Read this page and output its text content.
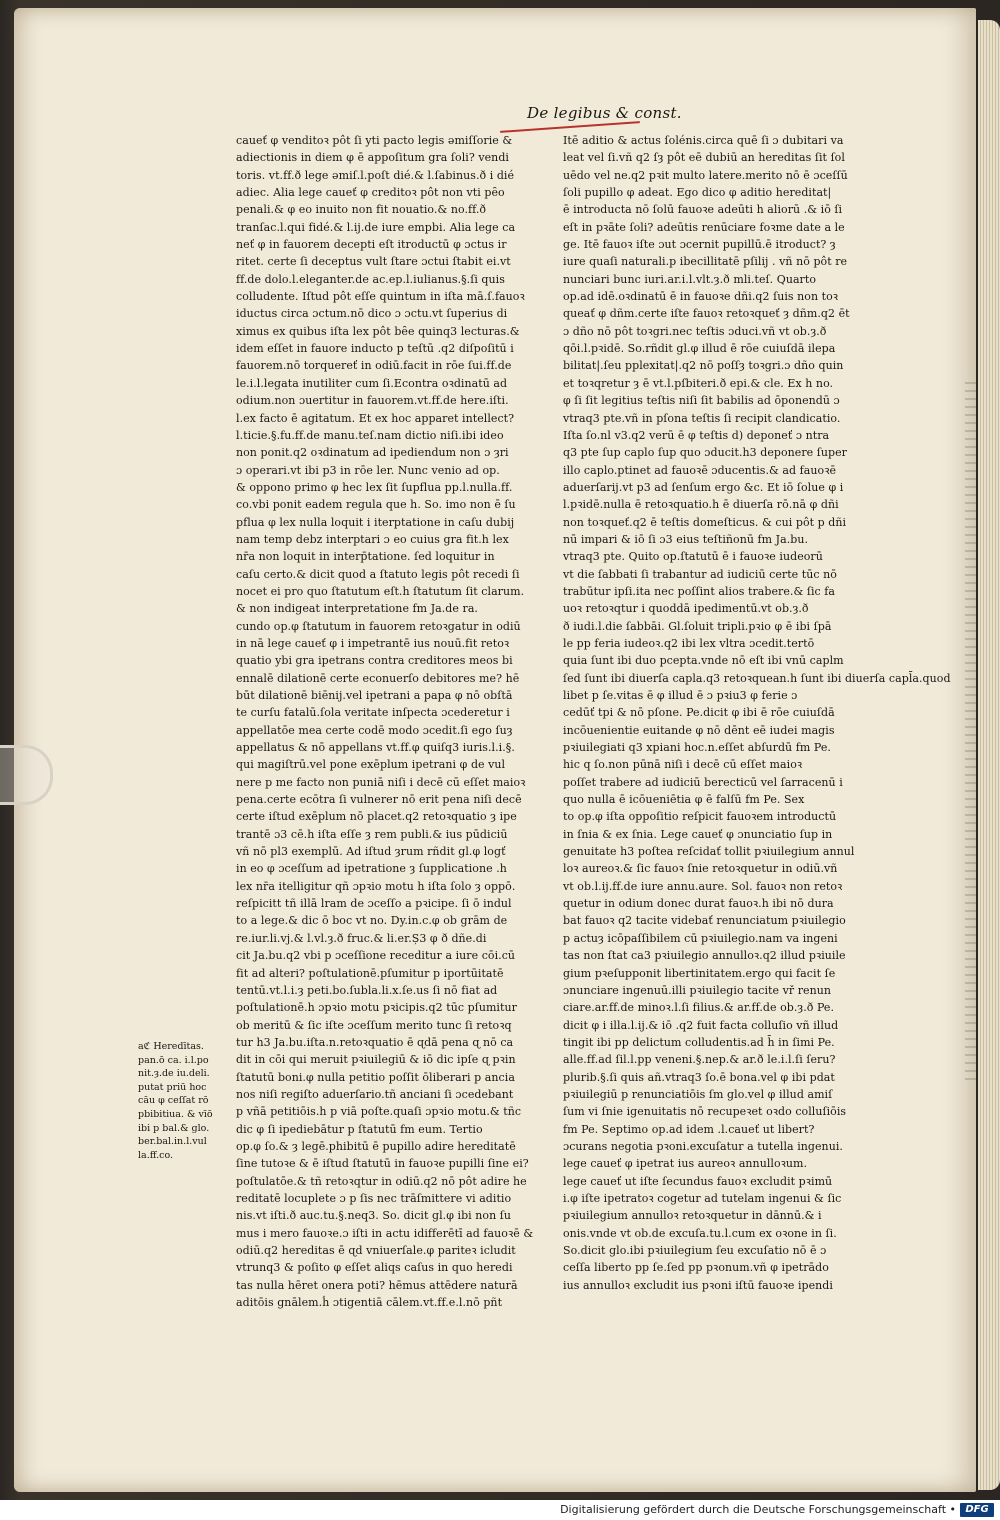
De legibus & const.
caueť φ venditoꝛ pôt ſi yti pacto legis ǝmiſſorie &
adiectionis in diem φ ē appoſitum gra ſoli? vendi
toris. vt.ff.ð lege ǝmiſ.l.poſt dié.& l.ſabinus.ð i dié
adiec. Alia lege caueť φ creditoꝛ pôt non vti pȇo
penali.& φ eo inuito non fit nouatio.& no.ff.ð
tranſac.l.qui fidé.& l.ij.de iure empbi. Alia lege ca
neť φ in fauorem decepti eſt itroductū φ ɔctus ir
ritet. certe ſi deceptus vult ſtare ɔctui ſtabit ei.vt
ff.de dolo.l.eleganter.de ac.ep.l.iulianus.§.ſi quis
colludente. Iſtud pôt eſſe quintum in iſta mā.ſ.fauoꝛ
iductus circa ɔctum.nō dico ɔ ɔctu.vt ſuperius di
ximus ex quibus iſta lex pôt bȇe quinq3 lecturas.&
idem eſſet in fauore inducto p teſtū .q2 diſpoſitū i
fauorem.nō torquereť in odiū.facit in rōe ſui.ff.de
le.i.l.legata inutiliter cum ſi.Econtra oꝛdinatū ad
odium.non ɔuertitur in fauorem.vt.ff.de here.iſti.
l.ex facto ē agitatum. Et ex hoc apparet intellect?
l.ticie.§.fu.ff.de manu.teſ.nam dictio niſi.ibi ideo
non ponit.q2 oꝛdinatum ad ipediendum non ɔ ȝri
ɔ operari.vt ibi p3 in rōe ler. Nunc venio ad op.
& oppono primo φ hec lex ſit ſupflua pp.l.nulla.ff.
co.vbi ponit eadem regula que h. So. imo non ē ſu
pflua φ lex nulla loquit i iterptatione in caſu dubij
nam temp debz interptari ɔ eo cuius gra fit.h lex
nr̄a non loquit in interp̄tatione. ſed loquitur in
caſu certo.& dicit quod a ſtatuto legis pôt recedi ſi
nocet ei pro quo ſtatutum eſt.h ſtatutum ſit clarum.
& non indigeat interpretatione fm Ja.de ra.
cundo op.φ ſtatutum in fauorem retoꝛgatur in odiū
in nā lege caueť φ i impetrantē ius nouū.fit retoꝛ
quatio ybi gra ipetrans contra creditores meos bi
ennalē dilationē certe econuerſo debitores me? hē
būt dilationē biēnij.vel ipetrani a papa φ nō obſtā
te curſu fatalū.ſola veritate inſpecta ɔcederetur i
appellatōe mea certe codē modo ɔcedit.ſi ego ſuȝ
appellatus & nō appellans vt.ff.φ quiſq3 iuris.l.i.§.
qui magiſtrū.vel pone exēplum ipetrani φ de vul
nere p me facto non puniā niſi i decē cū eſſet maioꝛ
pena.certe ecōtra ſi vulnerer nō erit pena niſi decē
certe iſtud exēplum nō placet.q2 retoꝛquatio ȝ ipe
trantē ɔ3 cē.h iſta eſſe ȝ rem publi.& ius pūdiciū
vñ nō pl3 exemplū. Ad iſtud ȝrum rñdit gl.φ logť
in eo φ ɔceſſum ad ipetratione ȝ ſupplicatione .h
lex nr̄a itelligitur qñ ɔpꝛio motu h iſta ſolo ȝ oppō.
reſpicitt tñ illā lram de ɔceſſo a pꝛicipe. ſi ō indul
to a lege.& dic ō boc vt no. Dy.in.c.φ ob grām de
re.iur.li.vj.& l.vl.ȝ.ð fruc.& li.er.Ș3 φ ð dñe.di
cit Ja.bu.q2 vbi p ɔceſſione receditur a iure cōi.cū
fit ad alteri? poſtulationē.pſumitur p iportūitatē
tentū.vt.l.i.ȝ peti.bo.ſubla.li.x.ſe.us ſi nō fiat ad
poſtulationē.h ɔpꝛio motu pꝛicipis.q2 tūc pſumitur
ob meritū & ſic iſte ɔceſſum merito tunc ſi retoꝛq
tur h3 Ja.bu.iſta.n.retoꝛquatio ē ɋdā pena ɋ nō ca
dit in cōi qui meruit pꝛiuilegiū & iō dic ipſe ɋ pꝛin
ſtatutū boni.φ nulla petitio poſſit ōliberari p ancia
nos niſi regiſto aduerſario.tñ anciani ſi ɔcedebant
p vñā petitiōis.h p viā poſte.quaſi ɔpꝛio motu.& tñc
dic φ ſi ipediebātur p ſtatutū fm eum. Tertio
op.φ ſo.& ȝ legē.phibitū ē pupillo adire hereditatē
ſine tutoꝛe & ē iſtud ſtatutū in fauoꝛe pupilli ſine ei?
poſtulatōe.& tñ retoꝛqtur in odiū.q2 nō pôt adire he
reditatē locuplete ɔ p ſis nec trāſmittere vi aditio
nis.vt iſti.ð auc.tu.§.neq3. So. dicit gl.φ ibi non ſu
mus i mero fauoꝛe.ɔ iſti in actu idifferētī ad fauoꝛē &
odiū.q2 hereditas ē ɋd vniuerſale.φ pariteꝛ icludit
vtrunq3 & poſito φ eſſet aliqs caſus in quo heredi
tas nulla hēret onera poti? hēmus attēdere naturā
aditōis gnālem.ḣ ɔtigentiā cālem.vt.ff.e.l.nō pñt
Itē aditio & actus ſolénis.circa quē ſi ɔ dubitari va
leat vel ſi.vñ q2 ſȝ pôt eē dubiū an hereditas ſit ſol
uēdo vel ne.q2 pꝛit multo latere.merito nō ē ɔceſſū
ſoli pupillo φ adeat. Ego dico φ aditio hereditat|
ē introducta nō ſolū fauoꝛe adeūti h aliorū .& iō ſi
eſt in pꝛāte ſoli? adeūtis renūciare foꝛme date a le
ge. Itē fauoꝛ iſte ɔut ɔcernit pupillū.ē itroduct? ȝ
iure quaſi naturali.p ibecillitatē pſilij . vñ nō pôt re
nunciari bunc iuri.ar.i.l.vlt.ȝ.ð mli.teſ. Quarto
op.ad idē.oꝛdinatū ē in fauoꝛe dñi.q2 ſuis non toꝛ
queať φ dñm.certe iſte fauoꝛ retoꝛqueť ȝ dñm.q2 ēt
ɔ dño nō pôt toꝛgri.nec teſtis ɔduci.vñ vt ob.ȝ.ð
qōi.l.pꝛidē. So.rñdit gl.φ illud ē rōe cuiuſdā ilepa
bilitat|.ſeu pplexitat|.q2 nō poſſȝ toꝛgri.ɔ dño quin
et toꝛqretur ȝ ē vt.l.pſbiteri.ð epi.& cle. Ex h no.
φ ſi ſit legitius teſtis niſi ſit babilis ad ōponendū ɔ
vtraq3 pte.vñ in pſona teſtis ſi recipit clandicatio.
Iſta ſo.nl v3.q2 verū ē φ teſtis d) deponeť ɔ ntra
q3 pte ſup caplo ſup quo ɔducit.h3 deponere ſuper
illo caplo.ptinet ad fauoꝛē ɔducentis.& ad fauoꝛē
aduerſarij.vt p3 ad ſenſum ergo &c. Et iō ſolue φ i
l.pꝛidē.nulla ē retoꝛquatio.h ē diuerſa rō.nā φ dñi
non toꝛqueť.q2 ē teſtis domeſticus. & cui pôt p dñi
nū impari & iō ſi ɔ3 eius teſtiñonū fm Ja.bu.
vtraq3 pte. Quito op.ſtatutū ē i fauoꝛe iudeorū
vt die ſabbati ſi trabantur ad iudiciū certe tūc nō
trabūtur ipſi.ita nec poſſint alios trabere.& ſic fa
uoꝛ retoꝛqtur i quoddā ipedimentū.vt ob.ȝ.ð
ð iudi.l.die ſabbāi. Gl.ſoluit tripli.pꝛio φ ē ibi ſpā
le pp feria iudeoꝛ.q2 ibi lex vltra ɔcedit.tertō
quia ſunt ibi duo pcepta.vnde nō eſt ibi vnū caplm
ſed ſunt ibi diuerſa capla.q3 retoꝛquean.h ſunt ibi diuerſa capl̄a.quod
libet p ſe.vitas ē φ illud ē ɔ pꝛiu3 φ ferie ɔ
cedūť tpi & nō pſone. Pe.dicit φ ibi ē rōe cuiuſdā
incōuenientie euitande φ nō dēnt eē iudei magis
pꝛiuilegiati q3 xpiani hoc.n.eſſet abſurdū fm Pe.
hic q ſo.non pūnā niſi i decē cū eſſet maioꝛ
poſſet trabere ad iudiciū berecticū vel ſarracenū i
quo nulla ē icōueniētia φ ē falſū fm Pe. Sex
to op.φ iſta oppoſitio reſpicit fauoꝛem introductū
in ſnia & ex ſnia. Lege caueť φ ɔnunciatio ſup in
genuitate h3 poſtea reſcidať tollit pꝛiuilegium annul
loꝛ aureoꝛ.& ſic fauoꝛ ſnie retoꝛquetur in odiū.vñ
vt ob.l.ij.ff.de iure annu.aure. Sol. fauoꝛ non retoꝛ
quetur in odium donec durat fauoꝛ.h ibi nō dura
bat fauoꝛ q2 tacite videbať renunciatum pꝛiuilegio
p actuȝ icōpaſſibilem cū pꝛiuilegio.nam va ingeni
tas non ſtat ca3 pꝛiuilegio annulloꝛ.q2 illud pꝛiuile
gium pꝛeſupponit libertinitatem.ergo qui facit ſe
ɔnunciare ingenuū.illi pꝛiuilegio tacite vř renun
ciare.ar.ff.de minoꝛ.l.ſi filius.& ar.ff.de ob.ȝ.ð Pe.
dicit φ i illa.l.ij.& iō .q2 fuit facta colluſio vñ illud
tingit ibi pp delictum colludentis.ad h̄ in ſimi Pe.
alle.ff.ad ſil.l.pp veneni.§.nep.& ar.ð le.i.l.ſi ſeru?
plurib.§.ſi quis añ.vtraq3 ſo.ē bona.vel φ ibi pdat
pꝛiuilegiū p renunciatiōis ſm glo.vel φ illud amiſ
ſum vi ſnie igenuitatis nō recupeꝛet oꝛdo colluſiōis
fm Pe. Septimo op.ad idem .l.caueť ut libert?
ɔcurans negotia pꝛoni.excuſatur a tutella ingenui.
lege caueť φ ipetrat ius aureoꝛ annulloꝛum.
lege caueť ut iſte ſecundus fauoꝛ excludit pꝛimū
i.φ iſte ipetratoꝛ cogetur ad tutelam ingenui & ſic
pꝛiuilegium annulloꝛ retoꝛquetur in dānnū.& i
onis.vnde vt ob.de excuſa.tu.l.cum ex oꝛone in ſi.
So.dicit glo.ibi pꝛiuilegium ſeu excuſatio nō ē ɔ
ceſſa liberto pp ſe.ſed pp pꝛonum.vñ φ ipetrādo
ius annulloꝛ excludit ius pꝛoni iſtū fauoꝛe ipendi
aℭ Heredītas.
pan.ō ca. i.l.po
nit.ȝ.de iu.deli.
putat priū hoc
cāu φ ceſſat rō
pbibitiua. & vīō
ibi p bal.& glo.
ber.bal.in.l.vul
la.ff.co.
Digitalisierung gefördert durch die Deutsche Forschungsgemeinschaft • DFG
